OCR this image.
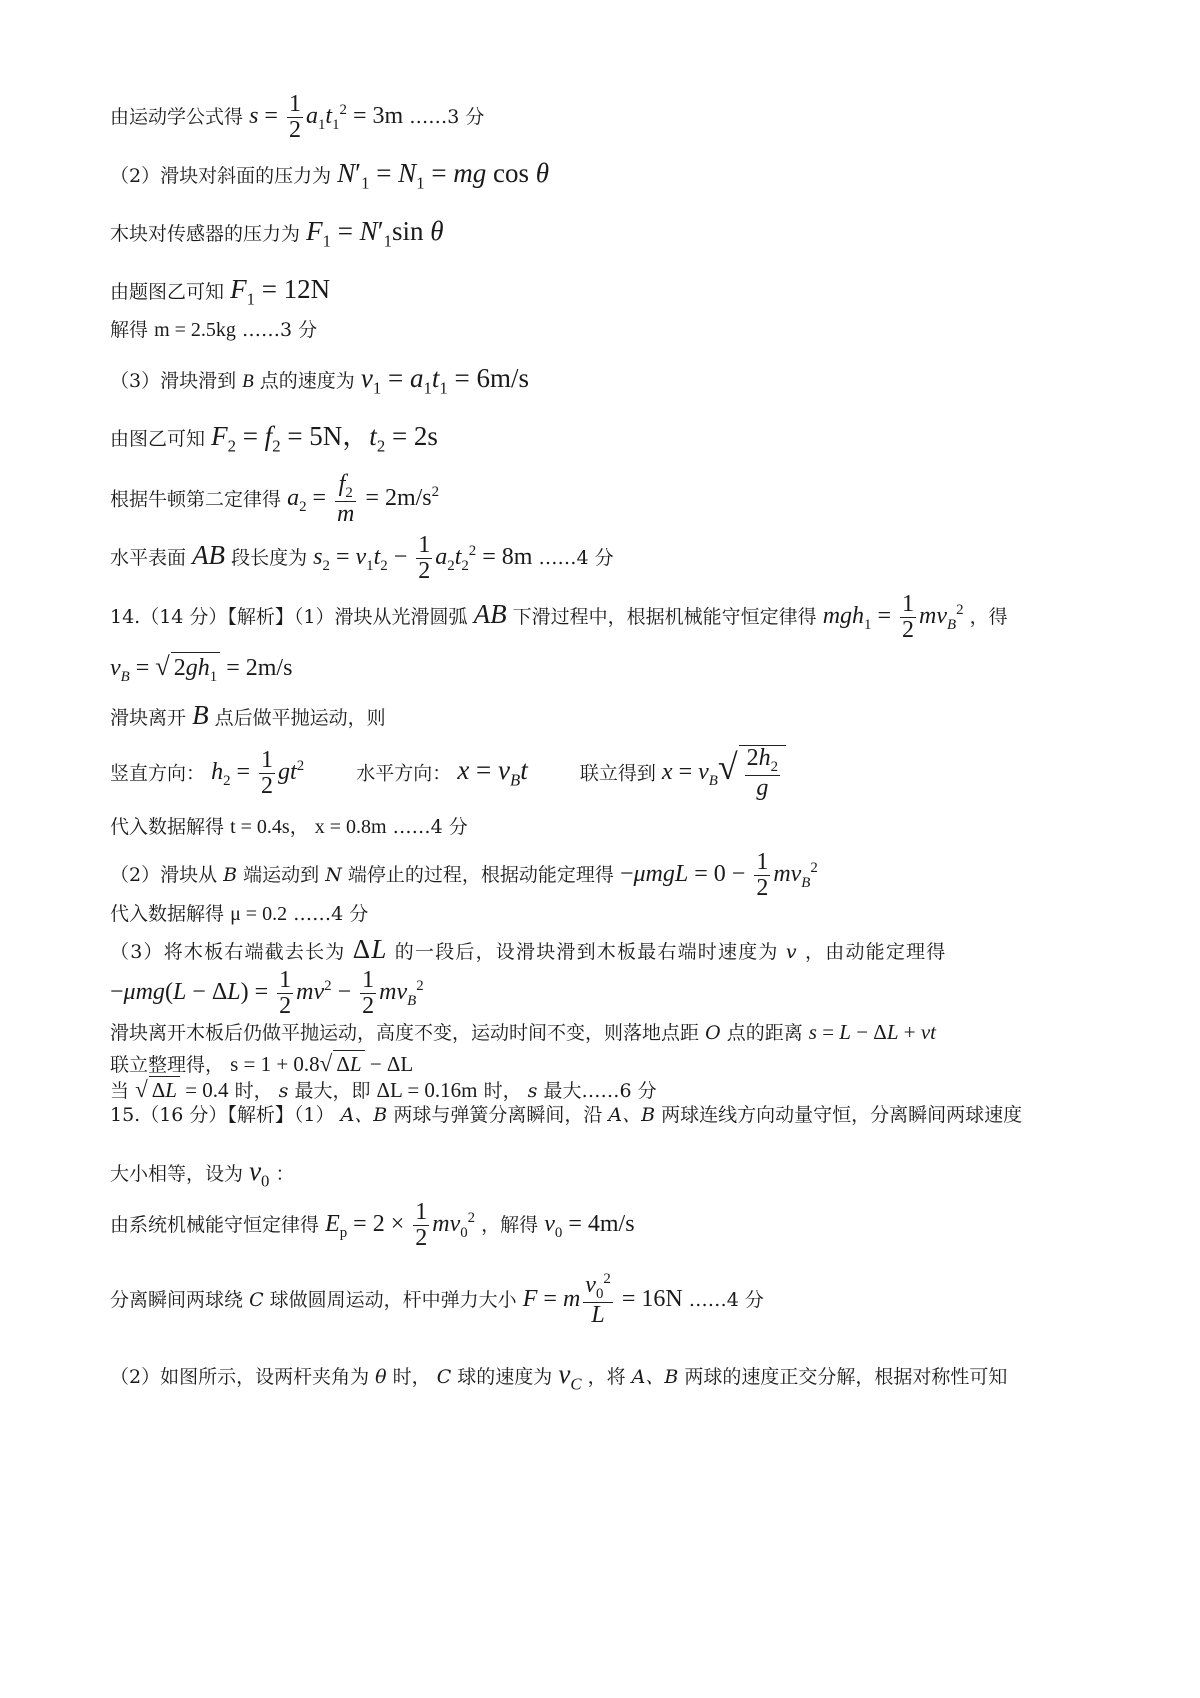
由运动学公式得 $s = \frac{1}{2} a_1t_1^2 = 3m$ ……3 分
（2）滑块对斜面的压力为 $N'_1 = N_1$ = mg cos θ
木块对传感器的压力为 $F_1 = N'_1\sin$ θ
由题图乙可知 $F_1 = 12N$
解得 m = 2.5kg ……3 分
（3）滑块滑到 B 点的速度为 $v_1 = a_1t_1 = 6m/s$
由图乙可知 $F_2 = f_2 = 5N$，$t_2 = 2s$
根据牛顿第二定律得 $a_2 = \frac{f_2}{m} = 2m/s^2$
水平表面 AB 段长度为 $s_2 = v_1t_2 - \frac{1}{2} a_2t_2^2 = 8m$ ……4 分
14.（14 分）【解析】（1）滑块从光滑圆弧 AB 下滑过程中，根据机械能守恒定律得 $mgh_1 = \frac{1}{2} mv_B^2$ ，得
$v_B$ = √ $2gh_1 = 2m/s$
滑块离开 B 点后做平抛运动，则
竖直方向： $h_2 = \frac{1}{2} gt^2$	水平方向： $x = v_Bt$	联立得到 $x = v_B√ \frac{2h_2}{g}$
代入数据解得 t = 0.4s， x = 0.8m ……4 分
（2）滑块从 B 端运动到 N 端停止的过程，根据动能定理得 $-\mu mgL = 0 - \frac{1}{2} mv_B^2$
代入数据解得 μ = 0.2 ……4 分
（3）将木板右端截去长为 ΔL 的一段后，设滑块滑到木板最右端时速度为 v ，由动能定理得
$-\mu mg(L - \Delta L) = \frac{1}{2} mv^2 - \frac{1}{2} mv_B^2$
滑块离开木板后仍做平抛运动，高度不变，运动时间不变，则落地点距 O 点的距离 s = L − ΔL + vt
联立整理得， s = 1 + 0.8√ ΔL − ΔL
当 √ ΔL = 0.4 时， s 最大，即 ΔL = 0.16m 时， s 最大……6 分
15.（16 分）【解析】（1） A、B 两球与弹簧分离瞬间，沿 A、B 两球连线方向动量守恒，分离瞬间两球速度
大小相等，设为 $v_0$ ：
由系统机械能守恒定律得 $E_p = 2 \times \frac{1}{2} mv_0^2$ ，解得 $v_0 = 4m/s$
分离瞬间两球绕 C 球做圆周运动，杆中弹力大小 F = m $\frac{v_0^2}{L} = 16N$ ……4 分
（2）如图所示，设两杆夹角为 θ 时， C 球的速度为 $v_C$ ，将 A、B 两球的速度正交分解，根据对称性可知
